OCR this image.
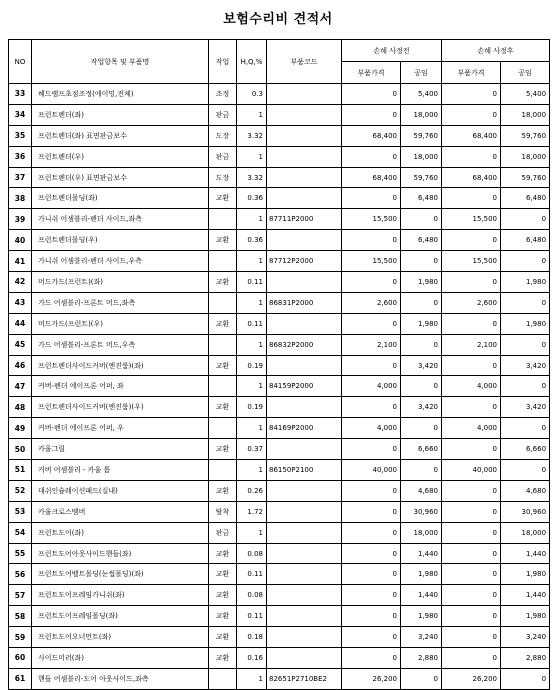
보험수리비 견적서
NO	작업항목 및 부품명	작업	H,Q,%	부품코드	손해 사정전		손해 사정후	
					부품가격	공임	부품가격	공임
33	헤드램프초점조정(에이밍,전체)	조정	0.3		0	5,400	0	5,400
34	프런트펜더(좌)	판금	1		0	18,000	0	18,000
35	프런트펜더(좌) 표면판금보수	도장	3.32		68,400	59,760	68,400	59,760
36	프런트펜더(우)	판금	1		0	18,000	0	18,000
37	프런트펜더(우) 표면판금보수	도장	3.32		68,400	59,760	68,400	59,760
38	프런트펜더몰딩(좌)	교환	0.36		0	6,480	0	6,480
39	가니쉬 어셈블리-펜더 사이드,좌측		1	87711P2000	15,500	0	15,500	0
40	프런트펜더몰딩(우)	교환	0.36		0	6,480	0	6,480
41	가니쉬 어셈블리-펜더 사이드,우측		1	87712P2000	15,500	0	15,500	0
42	머드가드(프런트)(좌)	교환	0.11		0	1,980	0	1,980
43	가드 어셈블리-프론트 머드,좌측		1	86831P2000	2,600	0	2,600	0
44	머드가드(프런트)(우)	교환	0.11		0	1,980	0	1,980
45	가드 어셈블리-프론트 머드,우측		1	86832P2000	2,100	0	2,100	0
46	프런트펜더사이드커버(엔진룸)(좌)	교환	0.19		0	3,420	0	3,420
47	커버-펜더 에이프론 어퍼, 좌		1	84159P2000	4,000	0	4,000	0
48	프런트펜더사이드커버(엔진룸)(우)	교환	0.19		0	3,420	0	3,420
49	커버-펜더 에이프론 어퍼, 우		1	84169P2000	4,000	0	4,000	0
50	카울그릴	교환	0.37		0	6,660	0	6,660
51	커버 어셈블리 - 카울 톱		1	86150P2100	40,000	0	40,000	0
52	대쉬인슐레이션패드(실내)	교환	0.26		0	4,680	0	4,680
53	카울크로스멤버	탈착	1.72		0	30,960	0	30,960
54	프런트도어(좌)	판금	1		0	18,000	0	18,000
55	프런트도어아웃사이드핸들(좌)	교환	0.08		0	1,440	0	1,440
56	프런트도어벨트몰딩(눈썹몰딩)(좌)	교환	0.11		0	1,980	0	1,980
57	프런트도어프레임가니쉬(좌)	교환	0.08		0	1,440	0	1,440
58	프런트도어프레임몰딩(좌)	교환	0.11		0	1,980	0	1,980
59	프런트도어오너먼트(좌)	교환	0.18		0	3,240	0	3,240
60	사이드미러(좌)	교환	0.16		0	2,880	0	2,880
61	핸들 어셈블리-도어 아웃사이드,좌측		1	82651P2710BE2	26,200	0	26,200	0
